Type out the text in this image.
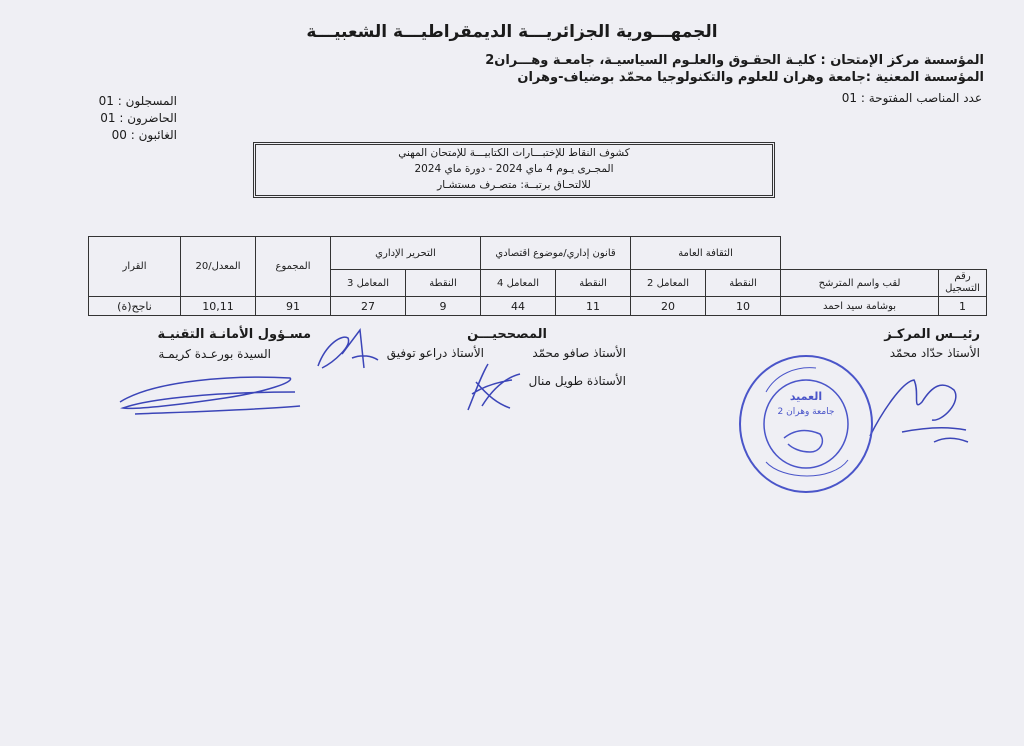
الجمهـــورية الجزائريـــة الديمقراطيـــة الشعبيـــة
المؤسسة مركز الإمتحان : كليـة الحقـوق والعلـوم السياسيـة، جامعـة وهـــران2
المؤسسة المعنية :جامعة وهران للعلوم والتكنولوجيا محمّد بوضياف-وهران
عدد المناصب المفتوحة : 01
المسجلون : 01
الحاضرون : 01
الغائبون : 00
كشوف النقاط للإختبـــارات الكتابيـــة للإمتحان المهني
المجـرى يـوم 4 ماي 2024 - دورة ماي 2024
للالتحـاق برتبــة: متصـرف مستشـار
		الثقافة العامة		قانون إداري/موضوع اقتصادي		التحرير الإداري		المجموع	المعدل/20	القرار
رقم التسجيل	لقب واسم المترشح	النقطة	المعامل 2	النقطة	المعامل 4	النقطة	المعامل 3			
1	بوشامة سيد احمد	10	20	11	44	9	27	91	10,11	ناجح(ة)
رئيــس المركـز
الأستاذ حدّاد محمّد
المصححيـــن
الأستاذ صافو محمّد
الأستاذ دراعو توفيق
الأستاذة طويل منال
مسـؤول الأمانـة التقنيـة
السيدة بورعـدة كريمـة
العميد
جامعة وهران 2
